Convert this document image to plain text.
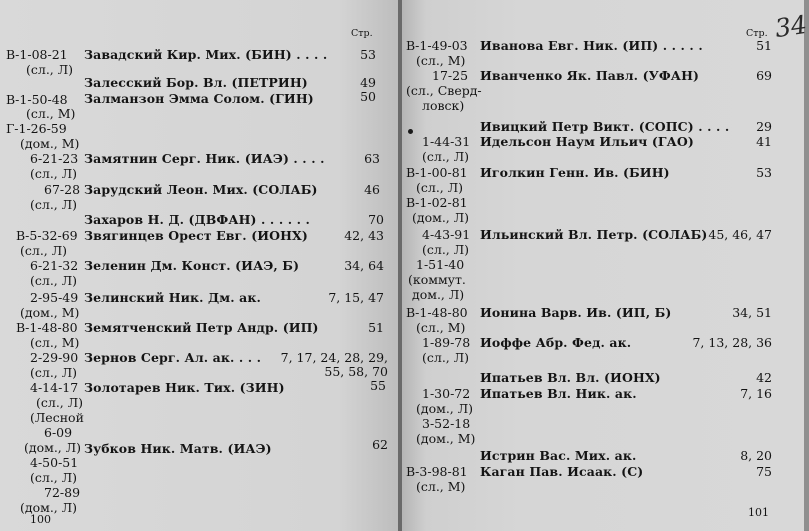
Стр.
В-1-08-21
(сл., Л)
В-1-50-48
(сл., М)
Г-1-26-59
(дом., М)
6-21-23
(сл., Л)
67-28
(сл., Л)
В-5-32-69
(сл., Л)
6-21-32
(сл., Л)
2-95-49
(дом., М)
В-1-48-80
(сл., М)
2-29-90
(сл., Л)
4-14-17
(сл., Л)
(Лесной
6-09
(дом., Л)
4-50-51
(сл., Л)
72-89
(дом., Л)
Завадский Кир. Мих. (БИН) . . . .
Залесский Бор. Вл. (ПЕТРИН)
Залманзон Эмма Солом. (ГИН)
Замятнин Серг. Ник. (ИАЭ) . . . .
Зарудский Леон. Мих. (СОЛАБ)
Захаров Н. Д. (ДВФАН) . . . . . .
Звягинцев Орест Евг. (ИОНХ)
Зеленин Дм. Конст. (ИАЭ, Б)
Зелинский Ник. Дм. ак.
Земятченский Петр Андр. (ИП)
Зернов Серг. Ал. ак. . . .
Золотарев Ник. Тих. (ЗИН)
Зубков Ник. Матв. (ИАЭ)
53
49
50
63
46
70
42, 43
34, 64
7, 15, 47
51
7, 17, 24, 28, 29,
55, 58, 70
55
62
100
Стр.
В-1-49-03
(сл., М)
17-25
(сл., Сверд-
ловск)
1-44-31
(сл., Л)
В-1-00-81
(сл., Л)
В-1-02-81
(дом., Л)
4-43-91
(сл., Л)
1-51-40
(коммут.
дом., Л)
В-1-48-80
(сл., М)
1-89-78
(сл., Л)
1-30-72
(дом., Л)
3-52-18
(дом., М)
В-3-98-81
(сл., М)
Иванова Евг. Ник. (ИП) . . . . .
Иванченко Як. Павл. (УФАН)
Ивицкий Петр Викт. (СОПС) . . . .
Идельсон Наум Ильич (ГАО)
Иголкин Генн. Ив. (БИН)
Ильинский Вл. Петр. (СОЛАБ)
Ионина Варв. Ив. (ИП, Б)
Иоффе Абр. Фед. ак.
Ипатьев Вл. Вл. (ИОНХ)
Ипатьев Вл. Ник. ак.
Истрин Вас. Мих. ак.
Каган Пав. Исаак. (С)
51
69
29
41
53
45, 46, 47
34, 51
7, 13, 28, 36
42
7, 16
8, 20
75
101
34
